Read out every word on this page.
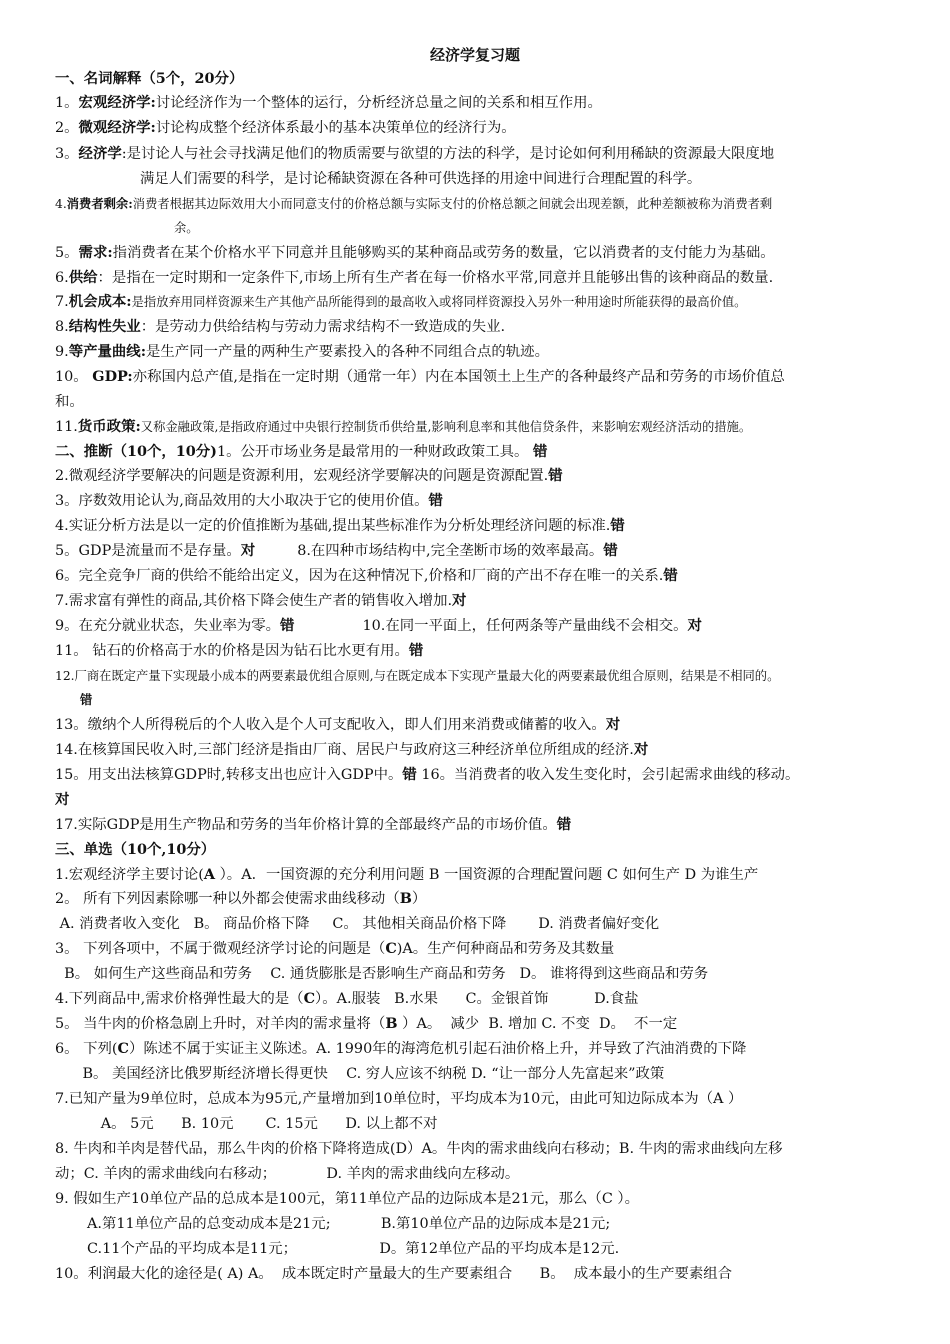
经济学复习题
一、名词解释（5个，20分）
1。宏观经济学:讨论经济作为一个整体的运行，分析经济总量之间的关系和相互作用。
2。微观经济学:讨论构成整个经济体系最小的基本决策单位的经济行为。
3。经济学:是讨论人与社会寻找满足他们的物质需要与欲望的方法的科学，是讨论如何利用稀缺的资源最大限度地
满足人们需要的科学，是讨论稀缺资源在各种可供选择的用途中间进行合理配置的科学。
4.消费者剩余:消费者根据其边际效用大小而同意支付的价格总额与实际支付的价格总额之间就会出现差额，此种差额被称为消费者剩
余。
5。需求:指消费者在某个价格水平下同意并且能够购买的某种商品或劳务的数量，它以消费者的支付能力为基础。
6.供给：是指在一定时期和一定条件下,市场上所有生产者在每一价格水平常,同意并且能够出售的该种商品的数量.
7.机会成本:是指放弃用同样资源来生产其他产品所能得到的最高收入或将同样资源投入另外一种用途时所能获得的最高价值。
8.结构性失业：是劳动力供给结构与劳动力需求结构不一致造成的失业.
9.等产量曲线:是生产同一产量的两种生产要素投入的各种不同组合点的轨迹。
10。 GDP:亦称国内总产值,是指在一定时期（通常一年）内在本国领土上生产的各种最终产品和劳务的市场价值总
和。
11.货币政策:又称金融政策,是指政府通过中央银行控制货币供给量,影响利息率和其他信贷条件，来影响宏观经济活动的措施。
二、推断（10个，10分)1。公开市场业务是最常用的一种财政政策工具。 错
2.微观经济学要解决的问题是资源利用，宏观经济学要解决的问题是资源配置.错
3。序数效用论认为,商品效用的大小取决于它的使用价值。错
4.实证分析方法是以一定的价值推断为基础,提出某些标准作为分析处理经济问题的标准.错
5。GDP是流量而不是存量。对	8.在四种市场结构中,完全垄断市场的效率最高。错
6。完全竞争厂商的供给不能给出定义，因为在这种情况下,价格和厂商的产出不存在唯一的关系.错
7.需求富有弹性的商品,其价格下降会使生产者的销售收入增加.对
9。在充分就业状态，失业率为零。错	10.在同一平面上，任何两条等产量曲线不会相交。对
11。 钻石的价格高于水的价格是因为钻石比水更有用。错
12.厂商在既定产量下实现最小成本的两要素最优组合原则,与在既定成本下实现产量最大化的两要素最优组合原则，结果是不相同的。
错
13。缴纳个人所得税后的个人收入是个人可支配收入，即人们用来消费或储蓄的收入。对
14.在核算国民收入时,三部门经济是指由厂商、居民户与政府这三种经济单位所组成的经济.对
15。用支出法核算GDP时,转移支出也应计入GDP中。错 16。当消费者的收入发生变化时，会引起需求曲线的移动。
对
17.实际GDP是用生产物品和劳务的当年价格计算的全部最终产品的市场价值。错
三、单选（10个,10分）
1.宏观经济学主要讨论(A ）。A．一国资源的充分利用问题 B 一国资源的合理配置问题 C 如何生产 D 为谁生产
2。 所有下列因素除哪一种以外都会使需求曲线移动（B）
A. 消费者收入变化   B。 商品价格下降     C。 其他相关商品价格下降       D. 消费者偏好变化
3。 下列各项中，不属于微观经济学讨论的问题是（C)A。生产何种商品和劳务及其数量
B。 如何生产这些商品和劳务    C. 通货膨胀是否影响生产商品和劳务   D。 谁将得到这些商品和劳务
4.下列商品中,需求价格弹性最大的是（C）。A.服装   B.水果      C。金银首饰          D.食盐
5。 当牛肉的价格急剧上升时，对羊肉的需求量将（B ）A。  减少  B. 增加 C. 不变  D。  不一定
6。 下列(C）陈述不属于实证主义陈述。A. 1990年的海湾危机引起石油价格上升，并导致了汽油消费的下降
B。 美国经济比俄罗斯经济增长得更快    C. 穷人应该不纳税 D. “让一部分人先富起来”政策
7.已知产量为9单位时，总成本为95元,产量增加到10单位时，平均成本为10元，由此可知边际成本为（A ）
A。 5元      B. 10元       C. 15元      D. 以上都不对
8. 牛肉和羊肉是替代品，那么牛肉的价格下降将造成(D）A。牛肉的需求曲线向右移动；B. 牛肉的需求曲线向左移
动；C. 羊肉的需求曲线向右移动；           D. 羊肉的需求曲线向左移动。
9. 假如生产10单位产品的总成本是100元，第11单位产品的边际成本是21元，那么（C ）。
A.第11单位产品的总变动成本是21元;           B.第10单位产品的边际成本是21元;
C.11个产品的平均成本是11元；                  D。第12单位产品的平均成本是12元.
10。利润最大化的途径是( A) A。  成本既定时产量最大的生产要素组合      B。  成本最小的生产要素组合
